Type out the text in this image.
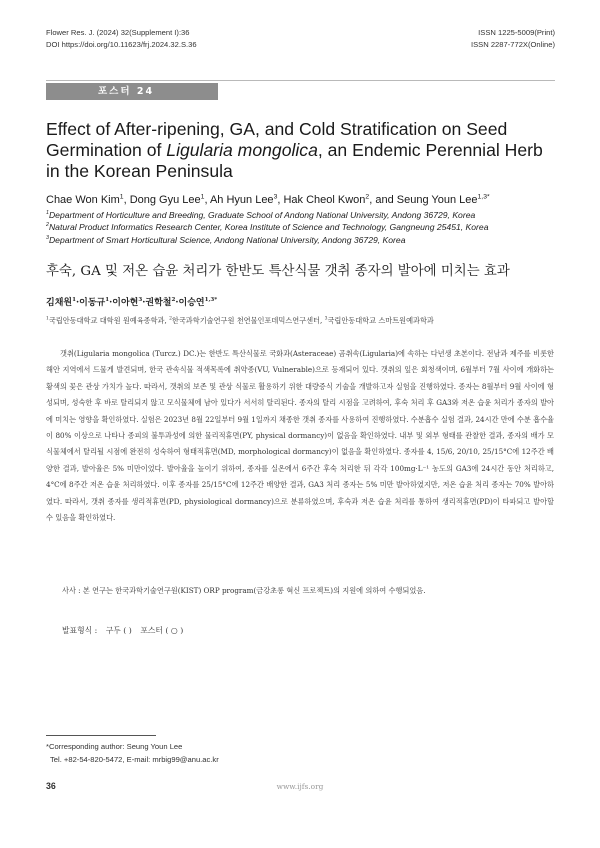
Flower Res. J. (2024) 32(Supplement I):36
DOI https://doi.org/10.11623/frj.2024.32.S.36
ISSN 1225-5009(Print)
ISSN 2287-772X(Online)
포스터 24
Effect of After-ripening, GA, and Cold Stratification on Seed Germination of Ligularia mongolica, an Endemic Perennial Herb in the Korean Peninsula
Chae Won Kim$^1$, Dong Gyu Lee$^1$, Ah Hyun Lee$^3$, Hak Cheol Kwon$^2$, and Seung Youn Lee$^{1,3*}$
$^1$Department of Horticulture and Breeding, Graduate School of Andong National University, Andong 36729, Korea
$^2$Natural Product Informatics Research Center, Korea Institute of Science and Technology, Gangneung 25451, Korea
$^3$Department of Smart Horticultural Science, Andong National University, Andong 36729, Korea
후숙, GA 및 저온 습윤 처리가 한반도 특산식물 갯취 종자의 발아에 미치는 효과
김채원$^1$·이동규$^1$·이아현$^3$·권학철$^2$·이승연$^{1,3*}$
$^1$국립안동대학교 대학원 원예육종학과, $^2$한국과학기술연구원 천연물인포데믹스연구센터, $^3$국립안동대학교 스마트원예과학과

갯취(Ligularia mongolica (Turcz.) DC.)는 한반도 특산식물로 국화과(Asteraceae) 곰취속(Ligularia)에 속하는 다년생 초본이다. 전남과 제주를 비롯한 해안 지역에서 드물게 발견되며, 한국 관속식물 적색목록에 취약종(VU, Vulnerable)으로 등재되어 있다. 갯취의 잎은 회청색이며, 6월부터 7월 사이에 개화하는 황색의 꽃은 관상 가치가 높다. 따라서, 갯취의 보존 및 관상 식물로 활용하기 위한 대량증식 기술을 개발하고자 실험을 진행하였다. 종자는 8월부터 9월 사이에 형성되며, 성숙한 후 바로 탈리되지 않고 모식물체에 남아 있다가 서서히 탈리된다. 종자의 탈리 시점을 고려하여, 후숙 처리 후 GA3와 저온 습윤 처리가 종자의 발아에 미치는 영향을 확인하였다. 실험은 2023년 8월 22일부터 9월 1일까지 채종한 갯취 종자를 사용하여 진행하였다. 수분흡수 실험 결과, 24시간 만에 수분 흡수율이 80% 이상으로 나타나 종피의 불투과성에 의한 물리적휴면(PY, physical dormancy)이 없음을 확인하였다. 내부 및 외부 형태를 관찰한 결과, 종자의 배가 모식물체에서 탈리될 시점에 완전히 성숙하여 형태적휴면(MD, morphological dormancy)이 없음을 확인하였다. 종자를 4, 15/6, 20/10, 25/15°C에 12주간 배양한 결과, 발아율은 5% 미만이었다. 발아율을 높이기 위하여, 종자를 실온에서 6주간 후숙 처리한 뒤 각각 100mg·L⁻¹ 농도의 GA3에 24시간 동안 처리하고, 4°C에 8주간 저온 습윤 처리하였다. 이후 종자를 25/15°C에 12주간 배양한 결과, GA3 처리 종자는 5% 미만 발아하였지만, 저온 습윤 처리 종자는 70% 발아하였다. 따라서, 갯취 종자를 생리적휴면(PD, physiological dormancy)으로 분류하였으며, 후숙과 저온 습윤 처리를 통하여 생리적휴면(PD)이 타파되고 발아할 수 있음을 확인하였다.

사사 : 본 연구는 한국과학기술연구원(KIST) ORP program(금강초롱 혁신 프로젝트)의 지원에 의하여 수행되었음.
발표형식 : 구두 ( ) 포스터 ( ○ )
*Corresponding author: Seung Youn Lee
Tel. +82-54-820-5472, E-mail: mrbig99@anu.ac.kr
36	www.ijfs.org
